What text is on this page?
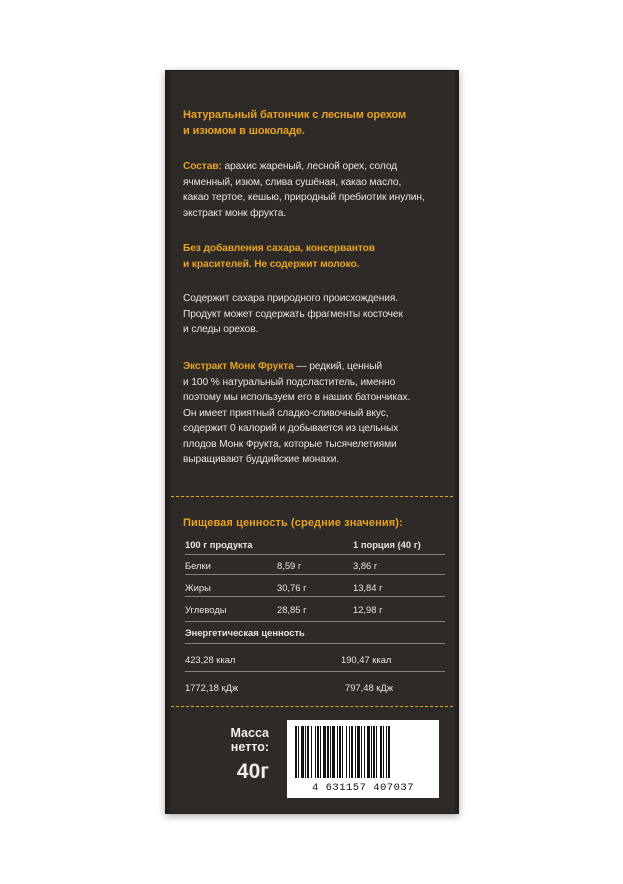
Натуральный батончик с лесным орехом
и изюмом в шоколаде.
Состав: арахис жареный, лесной орех, солод
ячменный, изюм, слива сушёная, какао масло,
какао тертое, кешью, природный пребиотик инулин,
экстракт монк фрукта.
Без добавления сахара, консервантов
и красителей. Не содержит молоко.
Содержит сахара природного происхождения.
Продукт может содержать фрагменты косточек
и следы орехов.
Экстракт Монк Фрукта — редкий, ценный
и 100 % натуральный подсластитель, именно
поэтому мы используем его в наших батончиках.
Он имеет приятный сладко-сливочный вкус,
содержит 0 калорий и добывается из цельных
плодов Монк Фрукта, которые тысячелетиями
выращивают буддийские монахи.
Пищевая ценность (средние значения):
100 г продукта	1 порция (40 г)
Белки	8,59 г	3,86 г
Жиры	30,76 г	13,84 г
Углеводы	28,85 г	12,98 г
Энергетическая ценность
423,28 ккал	190,47 ккал
1772,18 кДж	797,48 кДж
Масса
нетто:
40г
4 631157 407037
